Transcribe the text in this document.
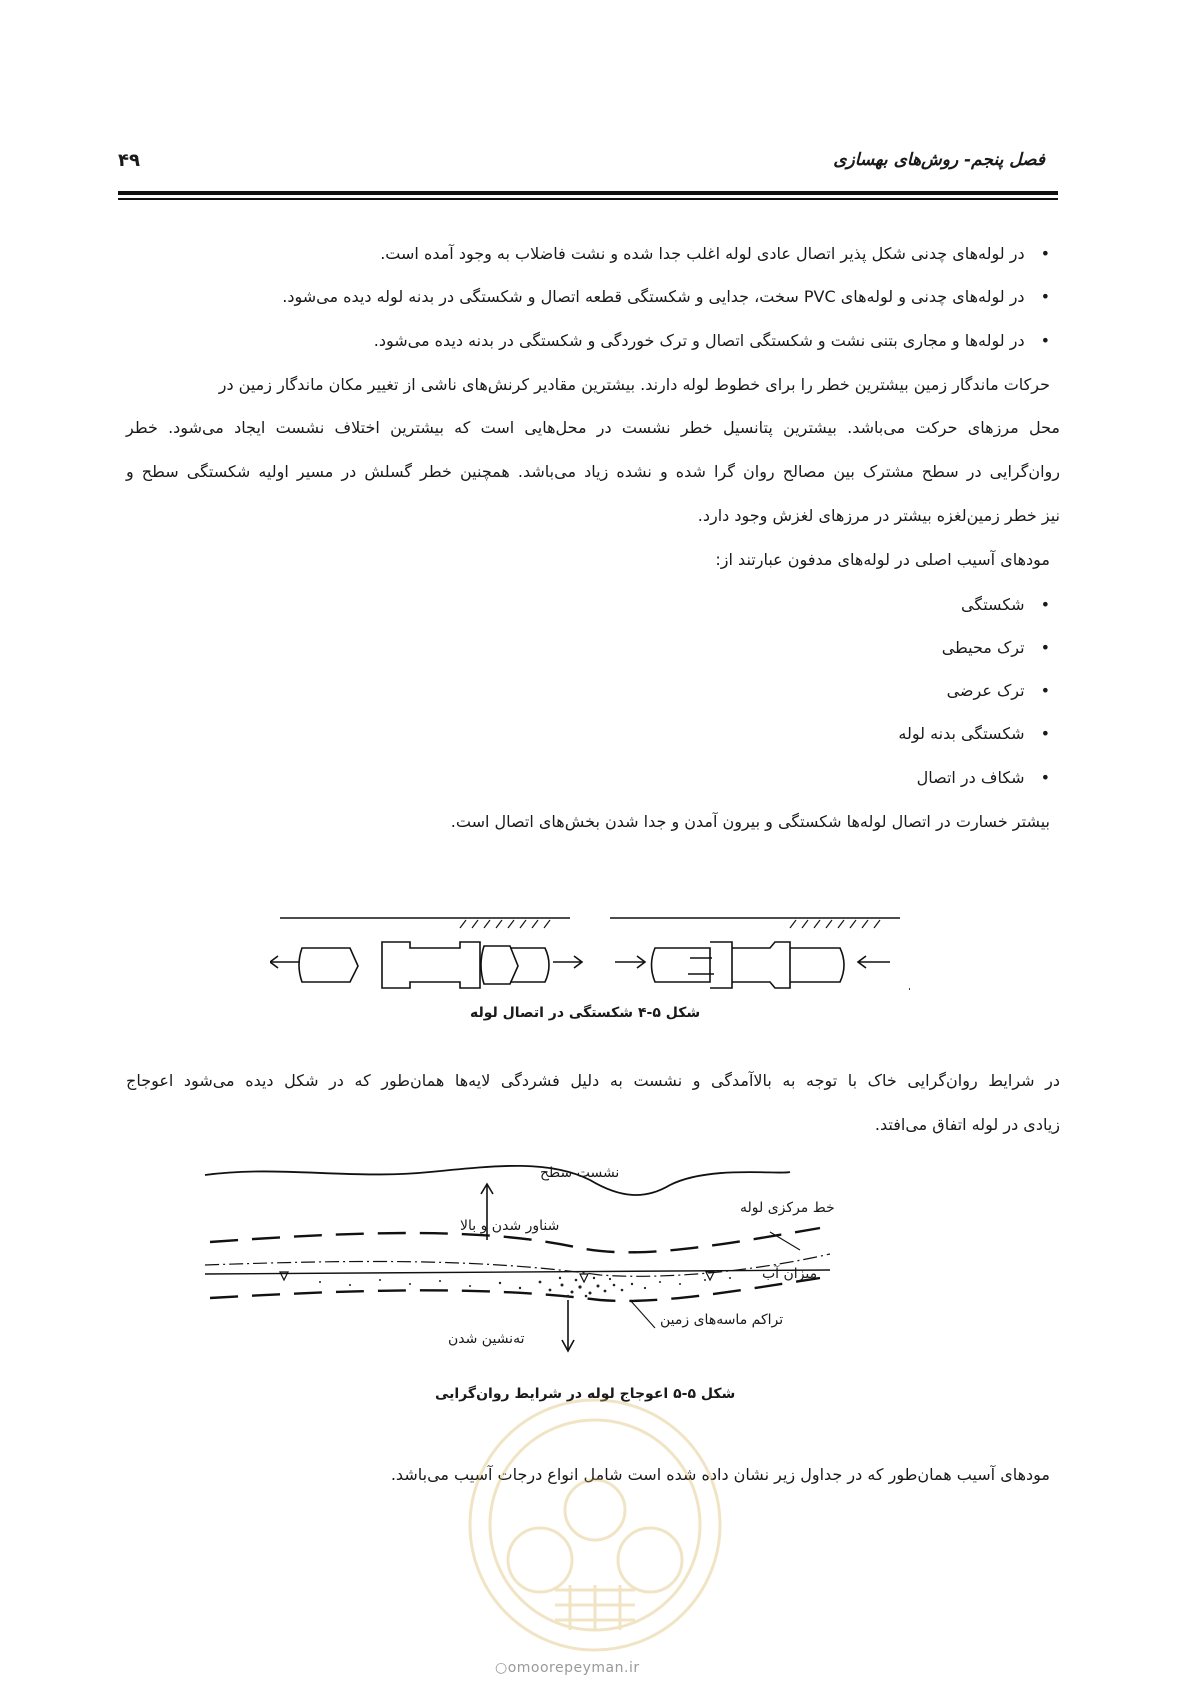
فصل پنجم- روش‌های بهسازی
۴۹
• در لوله‌های چدنی شکل پذیر اتصال عادی لوله اغلب جدا شده و نشت فاضلاب به وجود آمده است.
• در لوله‌های چدنی و لوله‌های PVC سخت، جدایی و شکستگی قطعه اتصال و شکستگی در بدنه لوله دیده می‌شود.
• در لوله‌ها و مجاری بتنی نشت و شکستگی اتصال و ترک خوردگی و شکستگی در بدنه دیده می‌شود.
حرکات ماندگار زمین بیشترین خطر را برای خطوط لوله دارند. بیشترین مقادیر کرنش‌های ناشی از تغییر مکان ماندگار زمین در
محل مرزهای حرکت می‌باشد. بیشترین پتانسیل خطر نشست در محل‌هایی است که بیشترین اختلاف نشست ایجاد می‌شود. خطر
روان‌گرایی در سطح مشترک بین مصالح روان گرا شده و نشده زیاد می‌باشد. همچنین خطر گسلش در مسیر اولیه شکستگی سطح و
نیز خطر زمین‌لغزه بیشتر در مرزهای لغزش وجود دارد.
مودهای آسیب اصلی در لوله‌های مدفون عبارتند از:
• شکستگی
• ترک محیطی
• ترک عرضی
• شکستگی بدنه لوله
• شکاف در اتصال
بیشتر خسارت در اتصال لوله‌ها شکستگی و بیرون آمدن و جدا شدن بخش‌های اتصال است.
شکل ۵-۴ شکستگی در اتصال لوله
در شرایط روان‌گرایی خاک با توجه به بالاآمدگی و نشست به دلیل فشردگی لایه‌ها همان‌طور که در شکل دیده می‌شود اعوجاج
زیادی در لوله اتفاق می‌افتد.
نشست سطح
شناور شدن و بالا
خط مرکزی لوله
میزان آب
تراکم ماسه‌های زمین
ته‌نشین شدن
شکل ۵-۵ اعوجاج لوله در شرایط روان‌گرایی
مودهای آسیب همان‌طور که در جداول زیر نشان داده شده است شامل انواع درجات آسیب می‌باشد.
○omoorepeyman.ir
